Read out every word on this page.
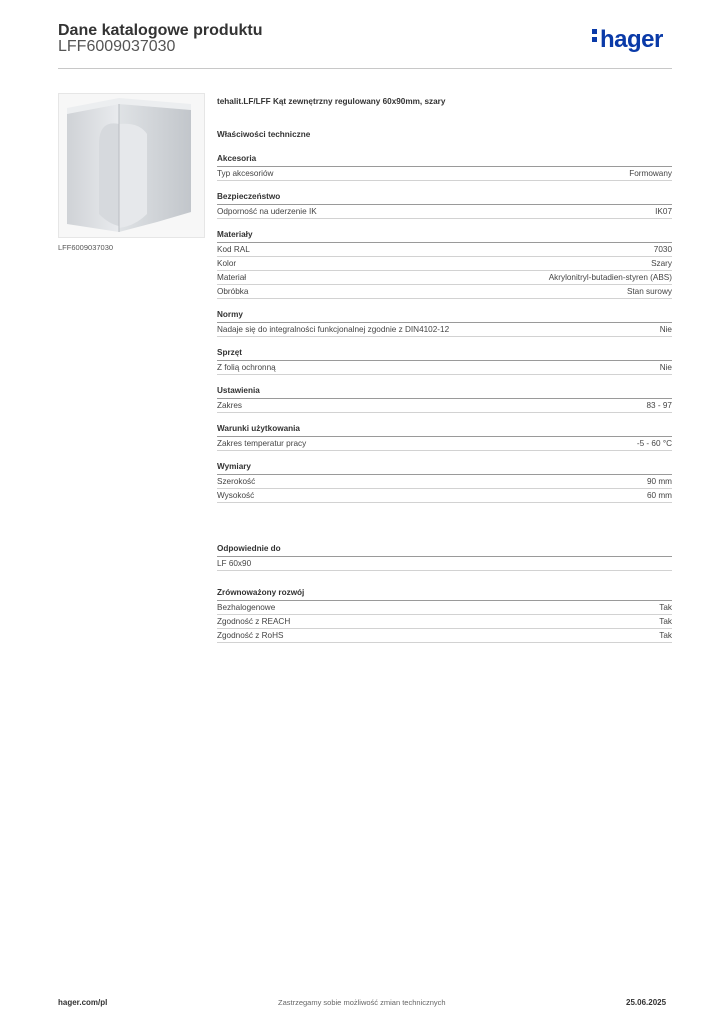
Dane katalogowe produktu
LFF6009037030	hager
LFF6009037030
tehalit.LF/LFF Kąt zewnętrzny regulowany 60x90mm, szary
Właściwości techniczne
Akcesoria
Typ akcesoriów	Formowany
Bezpieczeństwo
Odporność na uderzenie IK	IK07
Materiały
Kod RAL	7030
Kolor	Szary
Materiał	Akrylonitryl-butadien-styren (ABS)
Obróbka	Stan surowy
Normy
Nadaje się do integralności funkcjonalnej zgodnie z DIN4102-12	Nie
Sprzęt
Z folią ochronną	Nie
Ustawienia
Zakres	83 - 97
Warunki użytkowania
Zakres temperatur pracy	-5 - 60 °C
Wymiary
Szerokość	90 mm
Wysokość	60 mm
Odpowiednie do
LF 60x90
Zrównoważony rozwój
Bezhalogenowe	Tak
Zgodność z REACH	Tak
Zgodność z RoHS	Tak
hager.com/pl	Zastrzegamy sobie możliwość zmian technicznych	25.06.2025
